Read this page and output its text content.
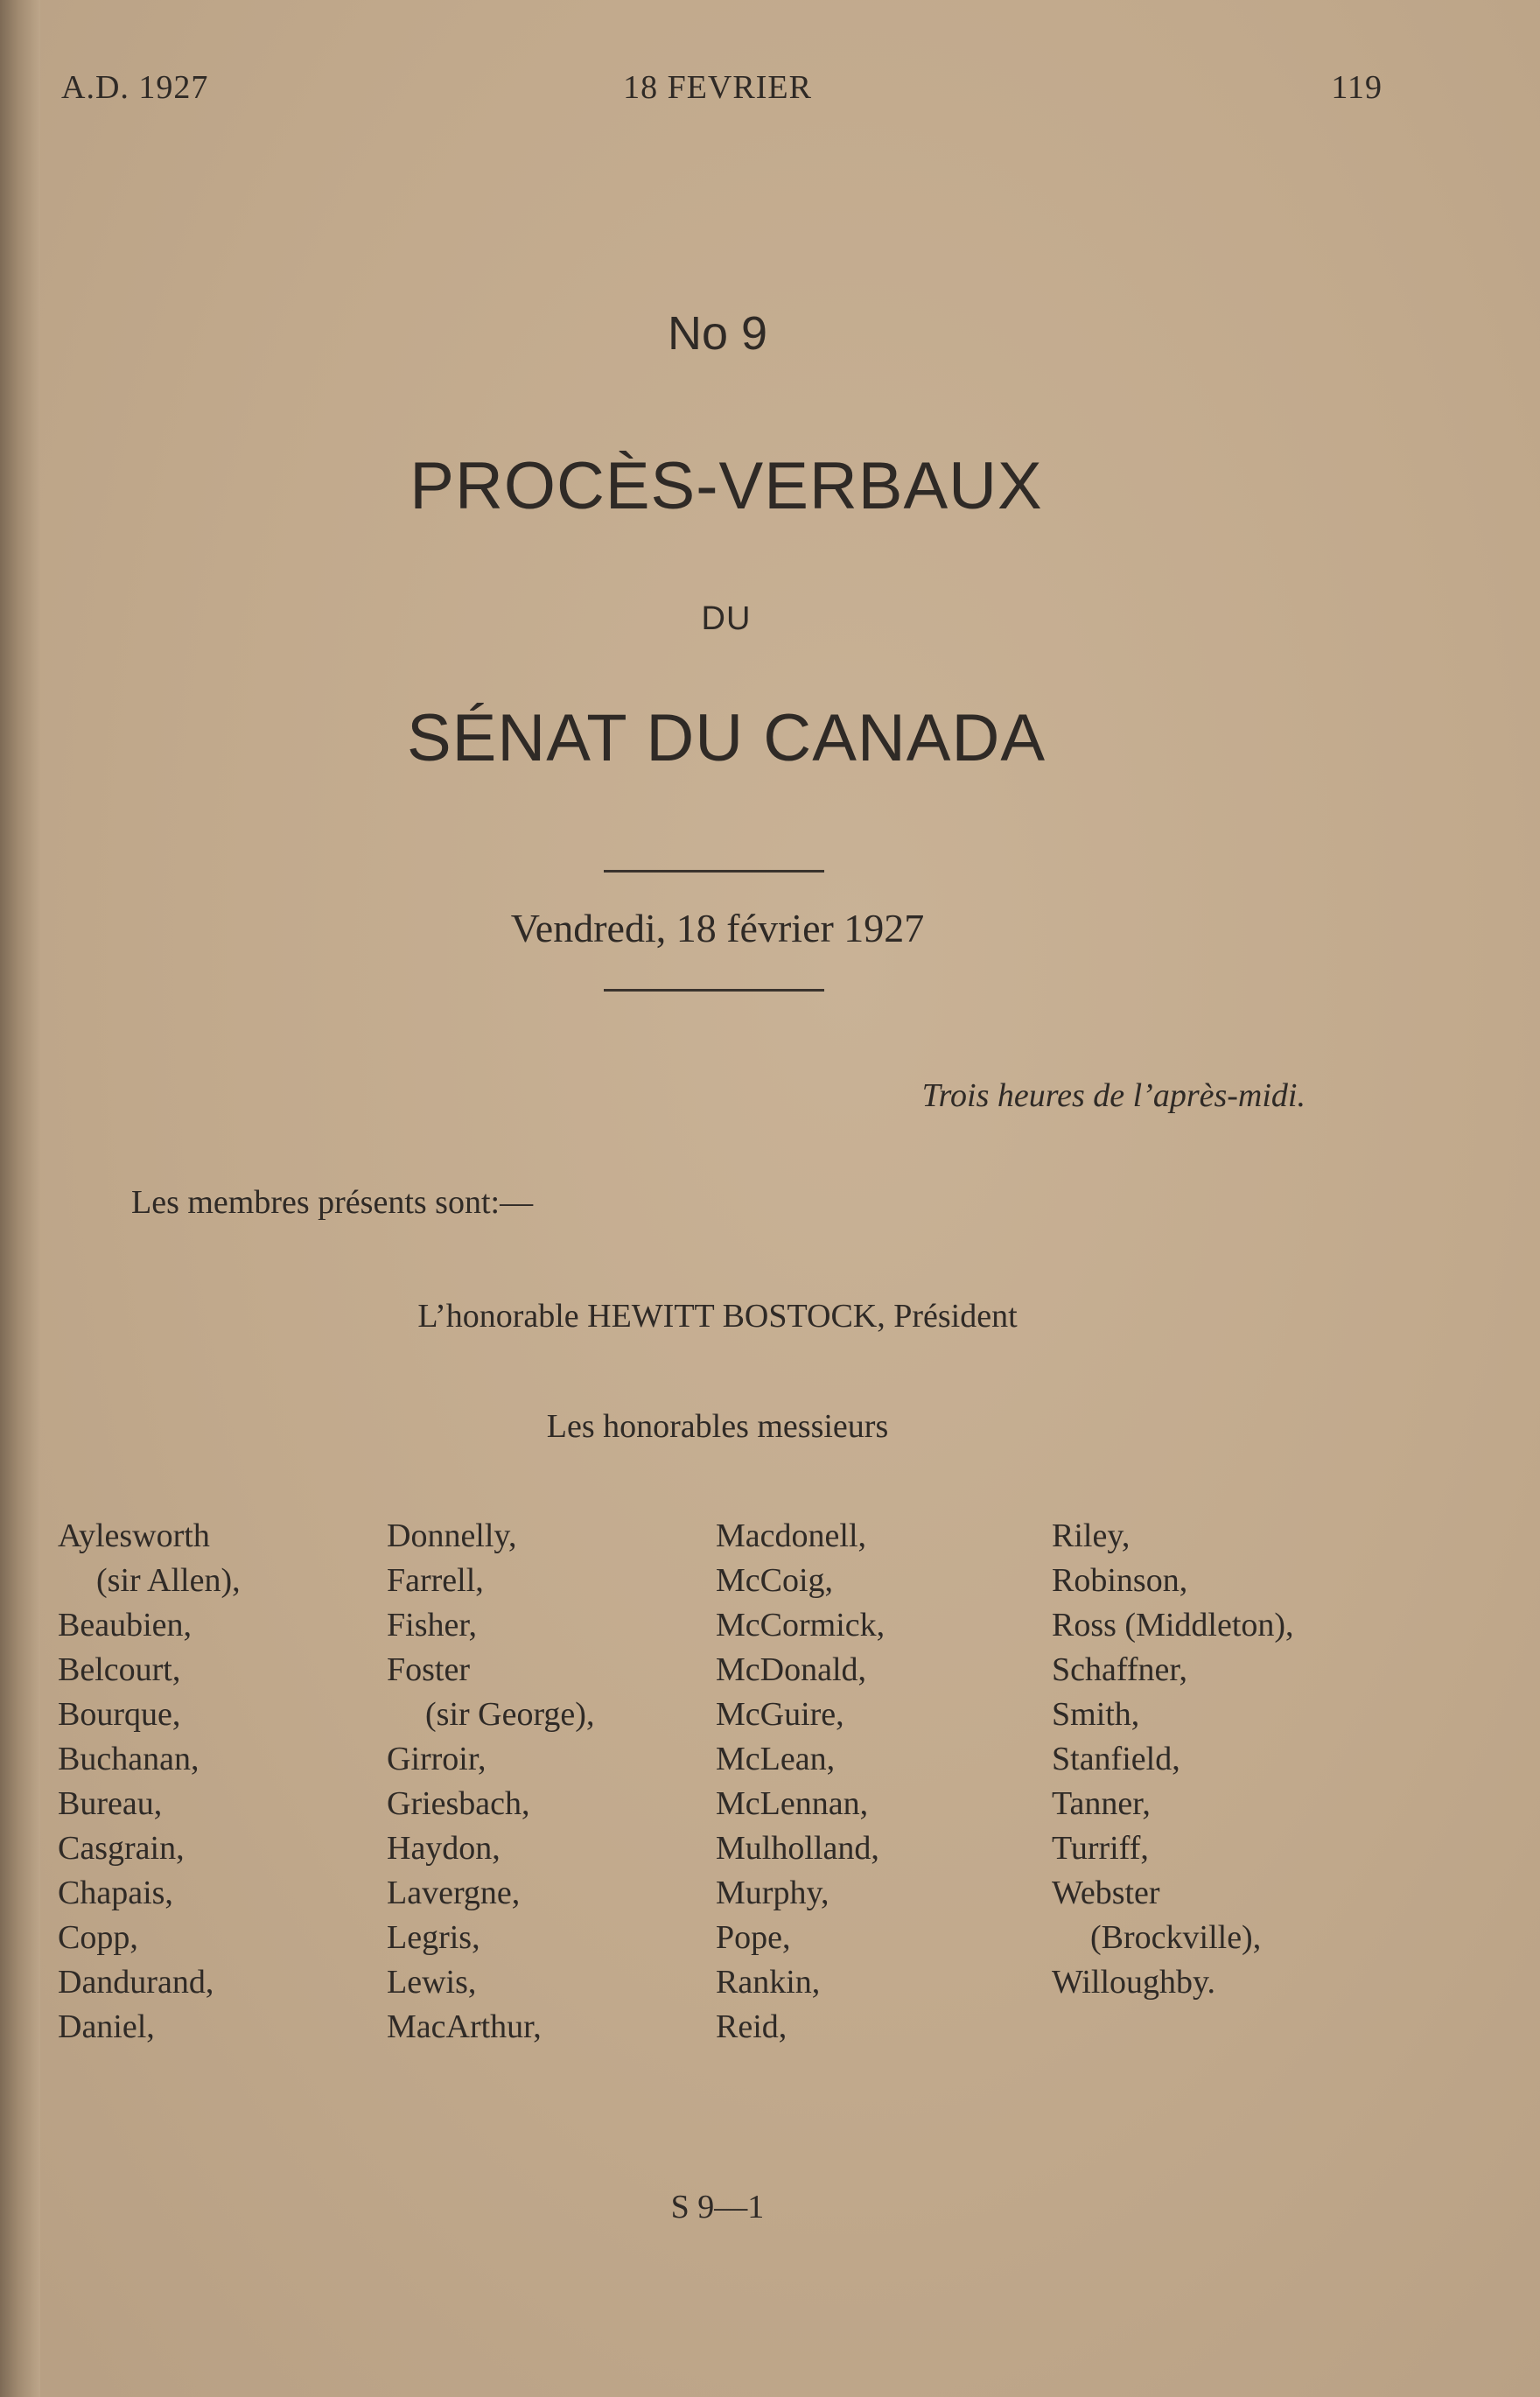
A.D. 1927	18 FEVRIER	119
No 9
PROCÈS-VERBAUX
DU
SÉNAT DU CANADA
Vendredi, 18 février 1927
Trois heures de l’après-midi.
Les membres présents sont:—
L’honorable HEWITT BOSTOCK, Président
Les honorables messieurs
Aylesworth
(sir Allen),
Beaubien,
Belcourt,
Bourque,
Buchanan,
Bureau,
Casgrain,
Chapais,
Copp,
Dandurand,
Daniel,
Donnelly,
Farrell,
Fisher,
Foster
(sir George),
Girroir,
Griesbach,
Haydon,
Lavergne,
Legris,
Lewis,
MacArthur,
Macdonell,
McCoig,
McCormick,
McDonald,
McGuire,
McLean,
McLennan,
Mulholland,
Murphy,
Pope,
Rankin,
Reid,
Riley,
Robinson,
Ross (Middleton),
Schaffner,
Smith,
Stanfield,
Tanner,
Turriff,
Webster
(Brockville),
Willoughby.
S 9—1
